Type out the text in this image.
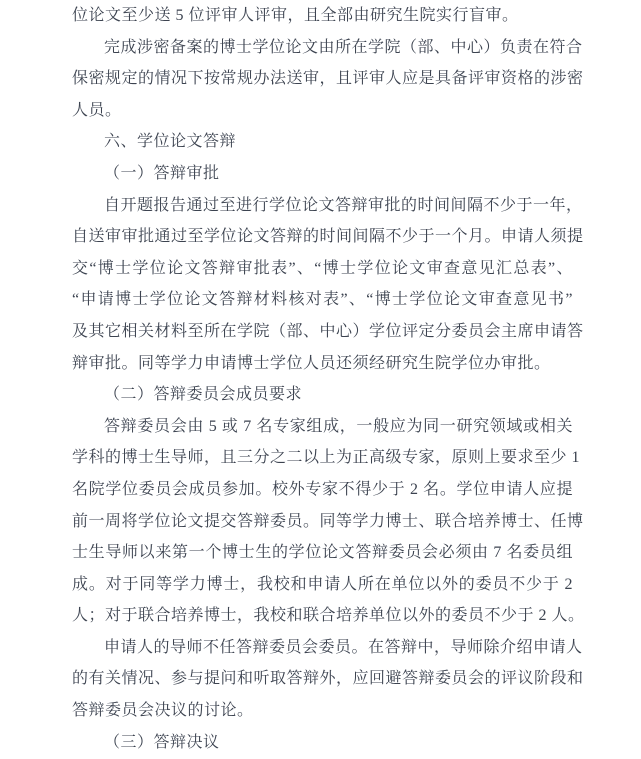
位论文至少送 5 位评审人评审，且全部由研究生院实行盲审。
完成涉密备案的博士学位论文由所在学院（部、中心）负责在符合
保密规定的情况下按常规办法送审，且评审人应是具备评审资格的涉密
人员。
六、学位论文答辩
（一）答辩审批
自开题报告通过至进行学位论文答辩审批的时间间隔不少于一年，
自送审审批通过至学位论文答辩的时间间隔不少于一个月。申请人须提
交“博士学位论文答辩审批表”、“博士学位论文审查意见汇总表”、
“申请博士学位论文答辩材料核对表”、“博士学位论文审查意见书”
及其它相关材料至所在学院（部、中心）学位评定分委员会主席申请答
辩审批。同等学力申请博士学位人员还须经研究生院学位办审批。
（二）答辩委员会成员要求
答辩委员会由 5 或 7 名专家组成，一般应为同一研究领域或相关
学科的博士生导师，且三分之二以上为正高级专家，原则上要求至少 1
名院学位委员会成员参加。校外专家不得少于 2 名。学位申请人应提
前一周将学位论文提交答辩委员。同等学力博士、联合培养博士、任博
士生导师以来第一个博士生的学位论文答辩委员会必须由 7 名委员组
成。对于同等学力博士，我校和申请人所在单位以外的委员不少于 2
人；对于联合培养博士，我校和联合培养单位以外的委员不少于 2 人。
申请人的导师不任答辩委员会委员。在答辩中，导师除介绍申请人
的有关情况、参与提问和听取答辩外，应回避答辩委员会的评议阶段和
答辩委员会决议的讨论。
（三）答辩决议
